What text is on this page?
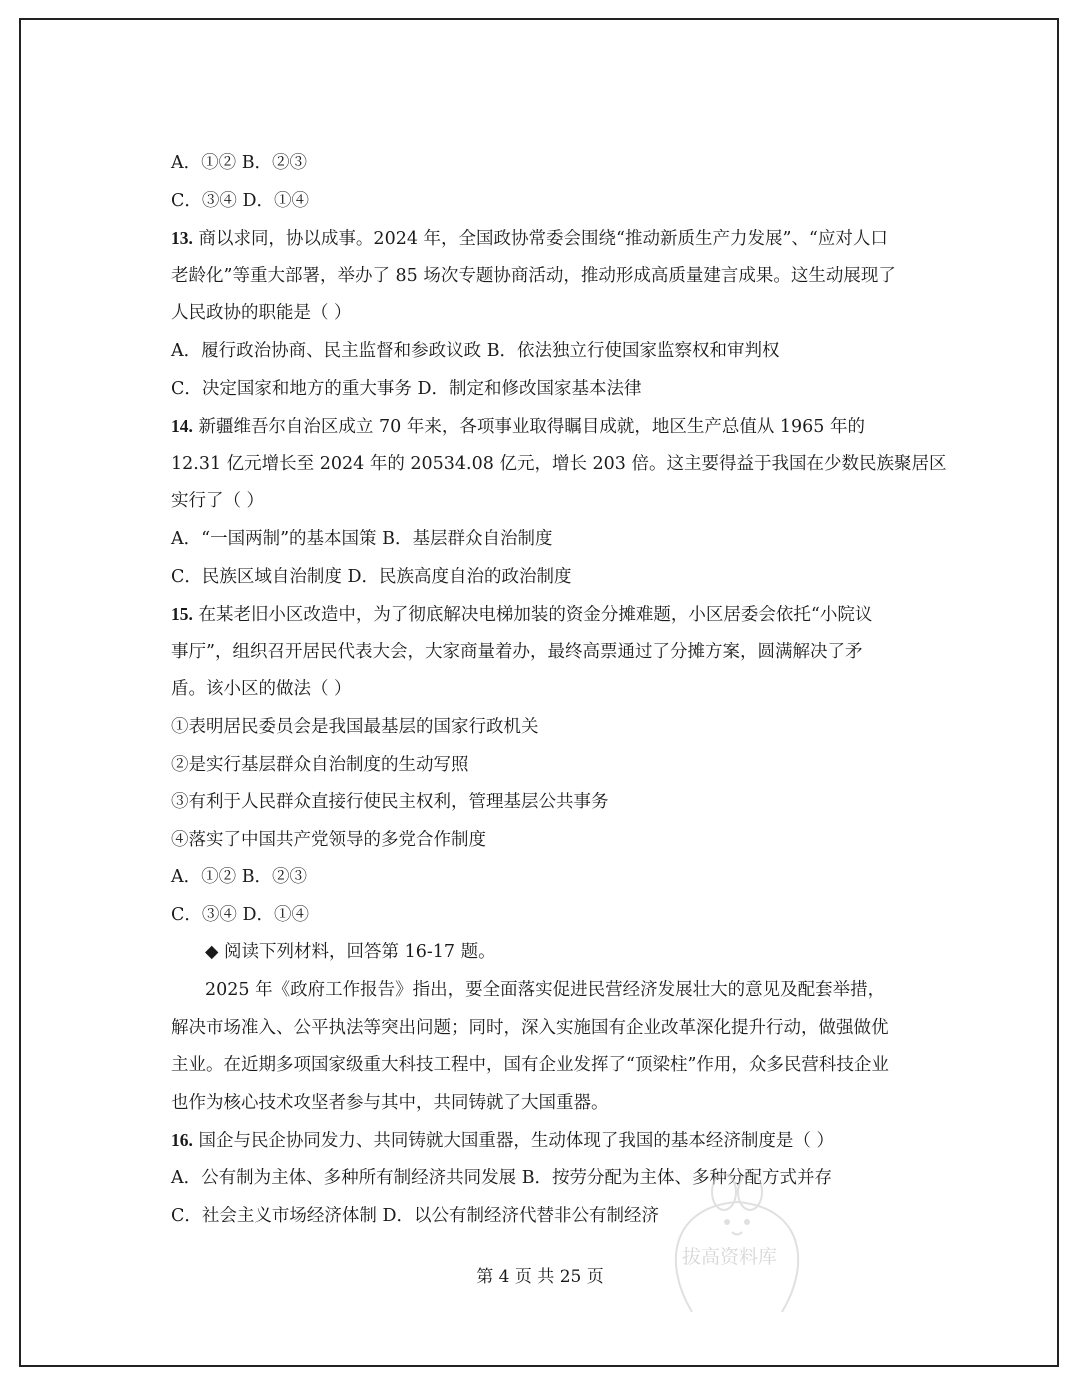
A．①② B．②③
C．③④ D．①④
13. 商以求同，协以成事。2024 年，全国政协常委会围绕“推动新质生产力发展”、“应对人口
老龄化”等重大部署，举办了 85 场次专题协商活动，推动形成高质量建言成果。这生动展现了
人民政协的职能是（ ）
A．履行政治协商、民主监督和参政议政 B．依法独立行使国家监察权和审判权
C．决定国家和地方的重大事务 D．制定和修改国家基本法律
14. 新疆维吾尔自治区成立 70 年来，各项事业取得瞩目成就，地区生产总值从 1965 年的
12.31 亿元增长至 2024 年的 20534.08 亿元，增长 203 倍。这主要得益于我国在少数民族聚居区
实行了（ ）
A．“一国两制”的基本国策 B．基层群众自治制度
C．民族区域自治制度 D．民族高度自治的政治制度
15. 在某老旧小区改造中，为了彻底解决电梯加装的资金分摊难题，小区居委会依托“小院议
事厅”，组织召开居民代表大会，大家商量着办，最终高票通过了分摊方案，圆满解决了矛
盾。该小区的做法（ ）
①表明居民委员会是我国最基层的国家行政机关
②是实行基层群众自治制度的生动写照
③有利于人民群众直接行使民主权利，管理基层公共事务
④落实了中国共产党领导的多党合作制度
A．①② B．②③
C．③④ D．①④
◆ 阅读下列材料，回答第 16-17 题。
2025 年《政府工作报告》指出，要全面落实促进民营经济发展壮大的意见及配套举措，
解决市场准入、公平执法等突出问题；同时，深入实施国有企业改革深化提升行动，做强做优
主业。在近期多项国家级重大科技工程中，国有企业发挥了“顶梁柱”作用，众多民营科技企业
也作为核心技术攻坚者参与其中，共同铸就了大国重器。
16. 国企与民企协同发力、共同铸就大国重器，生动体现了我国的基本经济制度是（ ）
A．公有制为主体、多种所有制经济共同发展 B．按劳分配为主体、多种分配方式并存
C．社会主义市场经济体制 D．以公有制经济代替非公有制经济
第 4 页 共 25 页
拔高资料库
